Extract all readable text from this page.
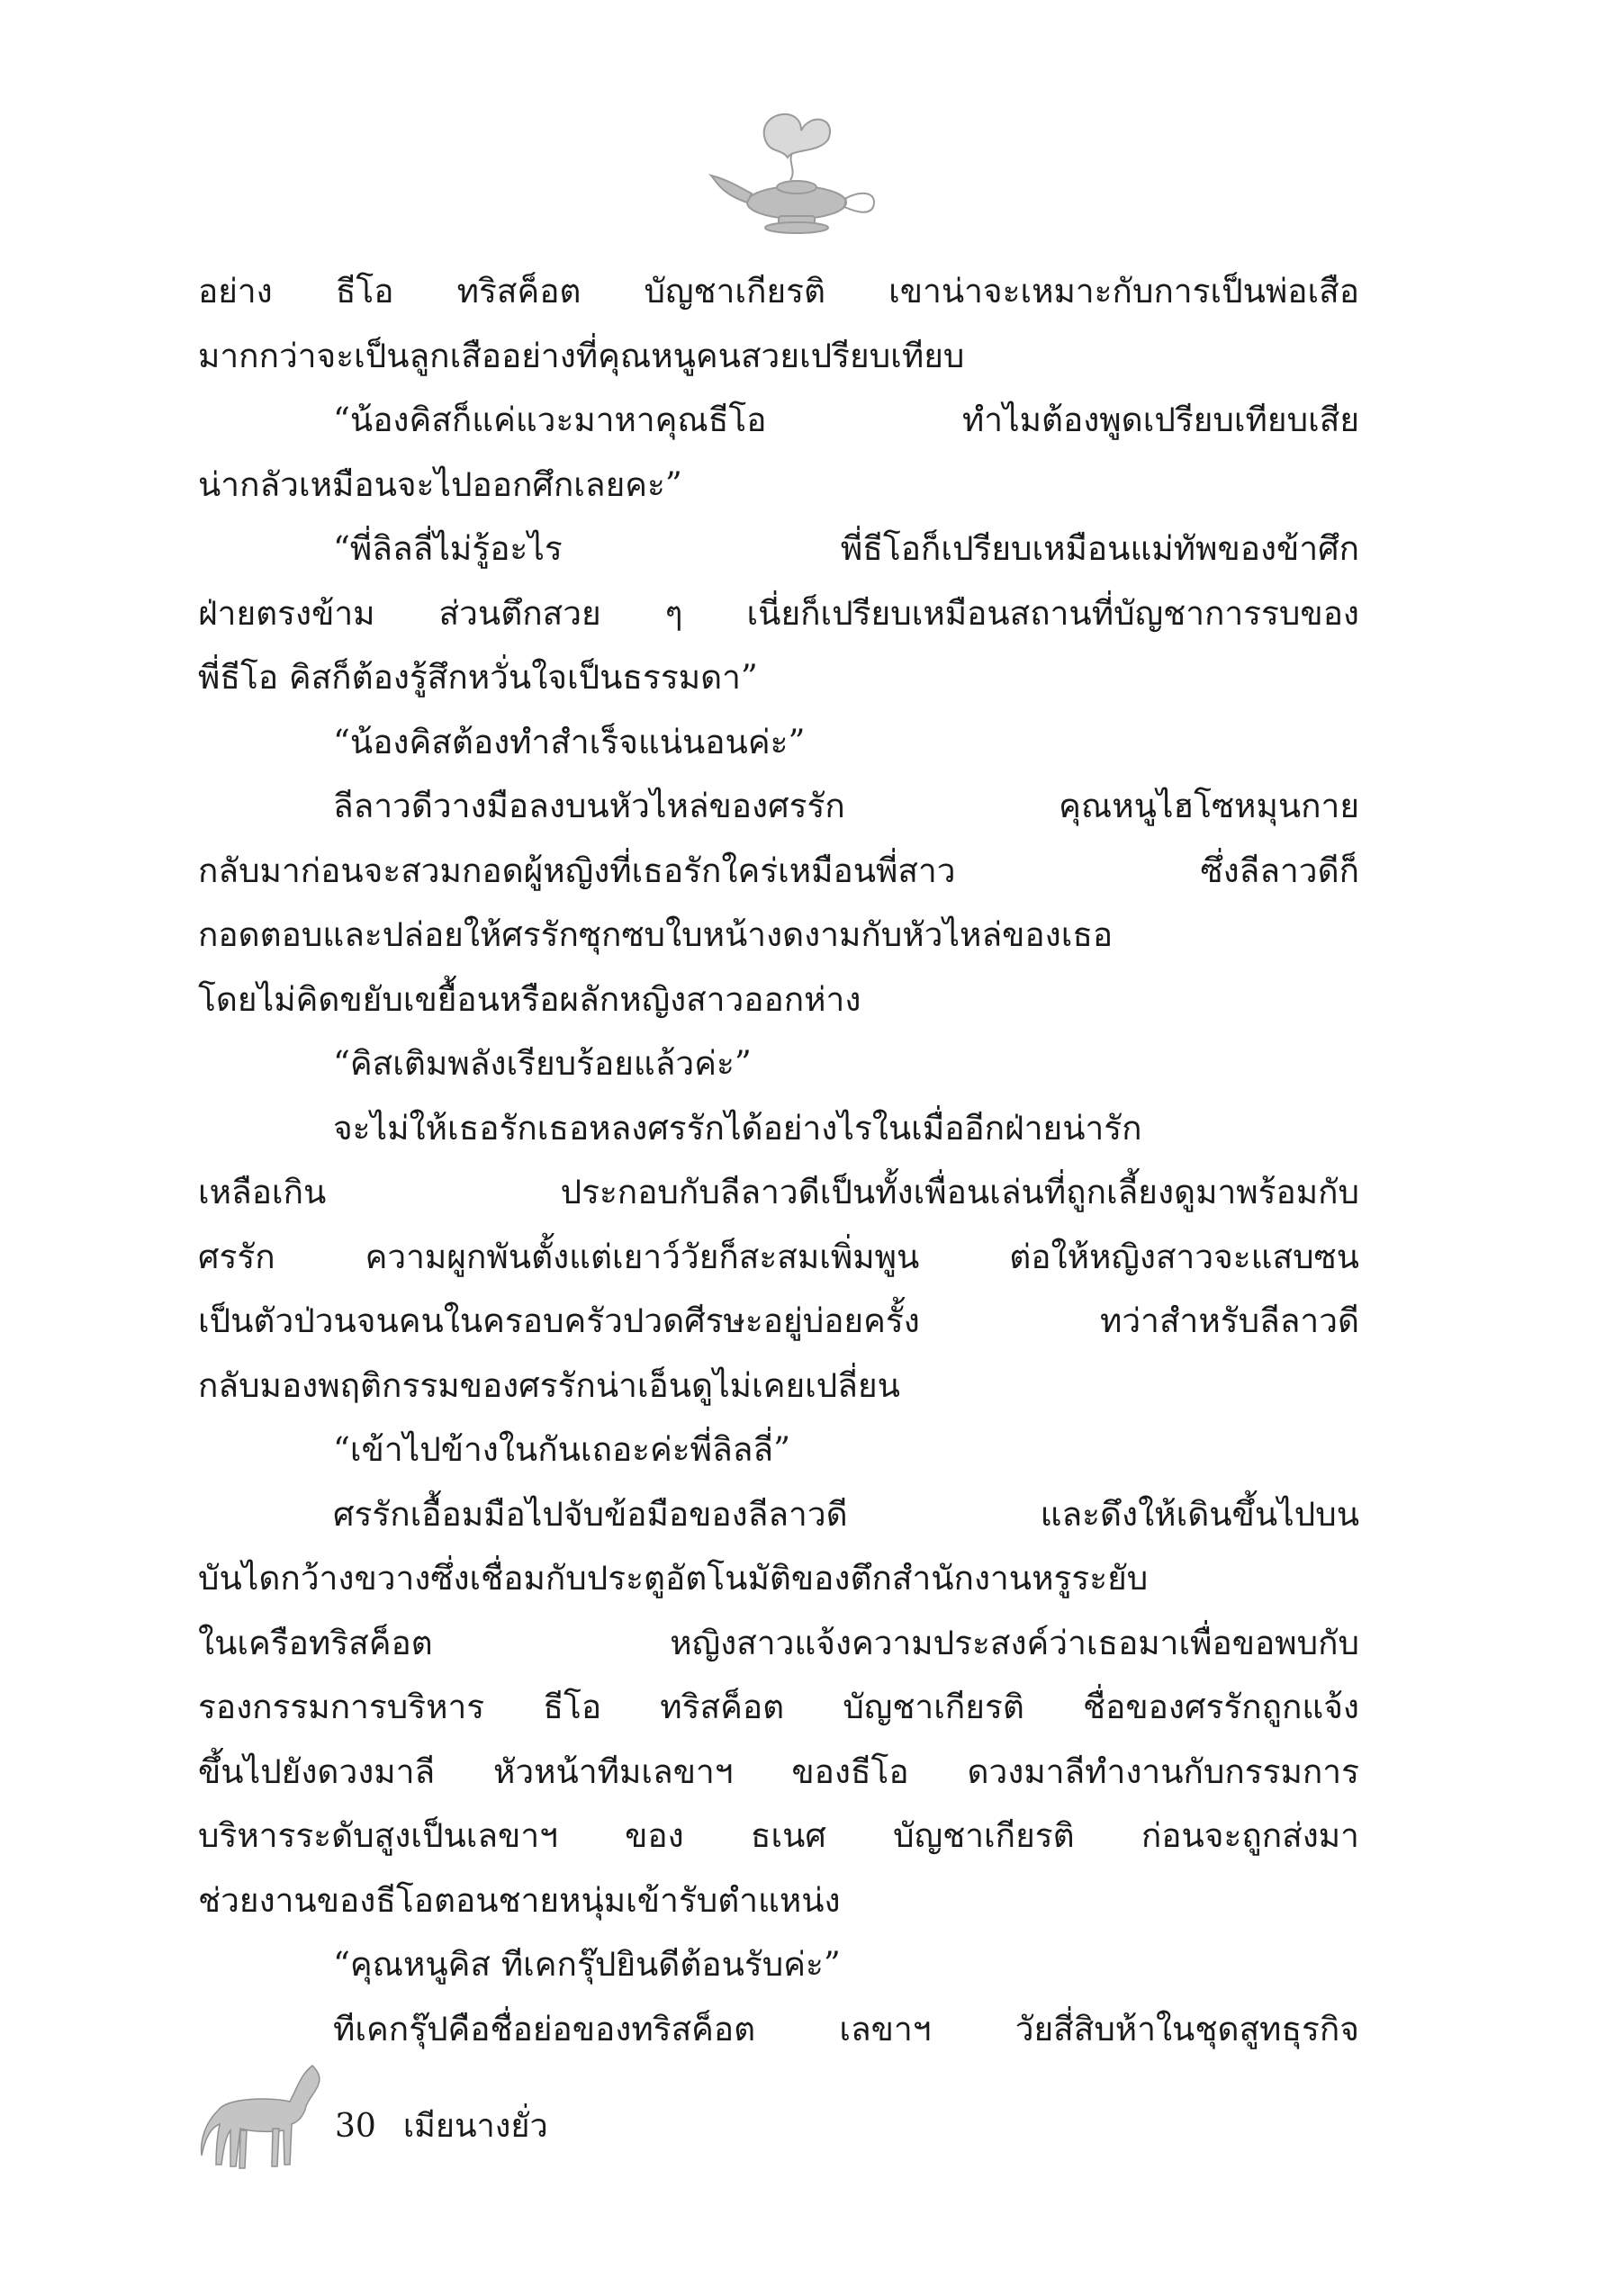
อย่าง ธีโอ ทริสค็อต บัญชาเกียรติ เขาน่าจะเหมาะกับการเป็นพ่อเสือ
มากกว่าจะเป็นลูกเสืออย่างที่คุณหนูคนสวยเปรียบเทียบ
“น้องคิสก็แค่แวะมาหาคุณธีโอ	ทำไมต้องพูดเปรียบเทียบเสีย
น่ากลัวเหมือนจะไปออกศึกเลยคะ”
“พี่ลิลลี่ไม่รู้อะไร	พี่ธีโอก็เปรียบเหมือนแม่ทัพของข้าศึก
ฝ่ายตรงข้าม ส่วนตึกสวย ๆ เนี่ยก็เปรียบเหมือนสถานที่บัญชาการรบของ
พี่ธีโอ คิสก็ต้องรู้สึกหวั่นใจเป็นธรรมดา”
“น้องคิสต้องทำสำเร็จแน่นอนค่ะ”
ลีลาวดีวางมือลงบนหัวไหล่ของศรรัก	คุณหนูไฮโซหมุนกาย
กลับมาก่อนจะสวมกอดผู้หญิงที่เธอรักใคร่เหมือนพี่สาว	ซึ่งลีลาวดีก็
กอดตอบและปล่อยให้ศรรักซุกซบใบหน้างดงามกับหัวไหล่ของเธอ
โดยไม่คิดขยับเขยื้อนหรือผลักหญิงสาวออกห่าง
“คิสเติมพลังเรียบร้อยแล้วค่ะ”
จะไม่ให้เธอรักเธอหลงศรรักได้อย่างไรในเมื่ออีกฝ่ายน่ารัก
เหลือเกิน	ประกอบกับลีลาวดีเป็นทั้งเพื่อนเล่นที่ถูกเลี้ยงดูมาพร้อมกับ
ศรรัก	ความผูกพันตั้งแต่เยาว์วัยก็สะสมเพิ่มพูน	ต่อให้หญิงสาวจะแสบซน
เป็นตัวป่วนจนคนในครอบครัวปวดศีรษะอยู่บ่อยครั้ง	ทว่าสำหรับลีลาวดี
กลับมองพฤติกรรมของศรรักน่าเอ็นดูไม่เคยเปลี่ยน
“เข้าไปข้างในกันเถอะค่ะพี่ลิลลี่”
ศรรักเอื้อมมือไปจับข้อมือของลีลาวดี	และดึงให้เดินขึ้นไปบน
บันไดกว้างขวางซึ่งเชื่อมกับประตูอัตโนมัติของตึกสำนักงานหรูระยับ
ในเครือทริสค็อต	หญิงสาวแจ้งความประสงค์ว่าเธอมาเพื่อขอพบกับ
รองกรรมการบริหาร ธีโอ ทริสค็อต บัญชาเกียรติ ชื่อของศรรักถูกแจ้ง
ขึ้นไปยังดวงมาลี หัวหน้าทีมเลขาฯ ของธีโอ ดวงมาลีทำงานกับกรรมการ
บริหารระดับสูงเป็นเลขาฯ ของ ธเนศ บัญชาเกียรติ ก่อนจะถูกส่งมา
ช่วยงานของธีโอตอนชายหนุ่มเข้ารับตำแหน่ง
“คุณหนูคิส ทีเคกรุ๊ปยินดีต้อนรับค่ะ”
ทีเคกรุ๊ปคือชื่อย่อของทริสค็อต	เลขาฯ	วัยสี่สิบห้าในชุดสูทธุรกิจ
30 เมียนางยั่ว
